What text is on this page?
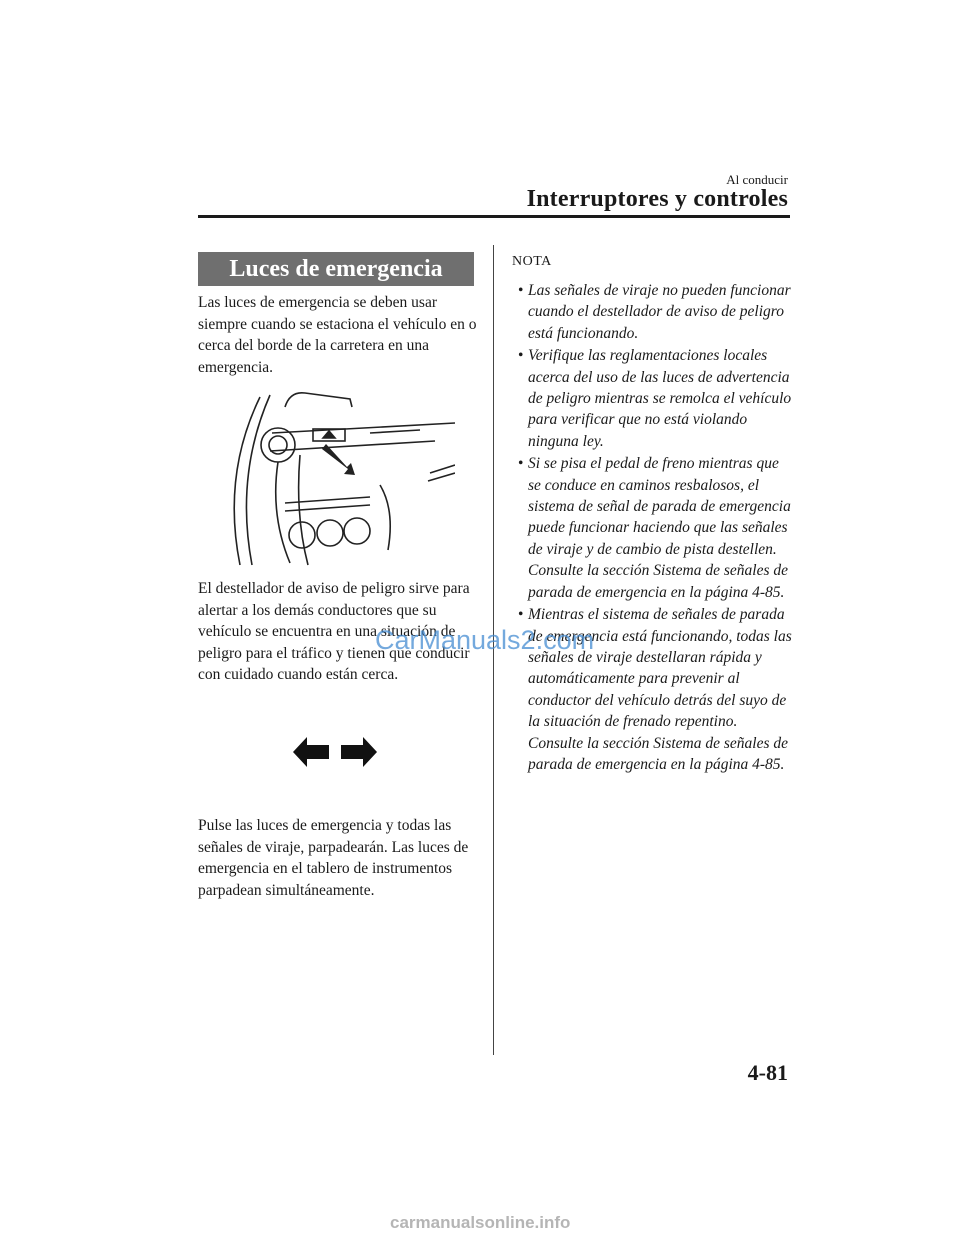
Al conducir
Interruptores y controles
Luces de emergencia

Las luces de emergencia se deben usar siempre cuando se estaciona el vehículo en o cerca del borde de la carretera en una emergencia.

El destellador de aviso de peligro sirve para alertar a los demás conductores que su vehículo se encuentra en una situación de peligro para el tráfico y tienen que conducir con cuidado cuando están cerca.

Pulse las luces de emergencia y todas las señales de viraje, parpadearán. Las luces de emergencia en el tablero de instrumentos parpadean simultáneamente.

NOTA
• Las señales de viraje no pueden funcionar cuando el destellador de aviso de peligro está funcionando.
• Verifique las reglamentaciones locales acerca del uso de las luces de advertencia de peligro mientras se remolca el vehículo para verificar que no está violando ninguna ley.
• Si se pisa el pedal de freno mientras que se conduce en caminos resbalosos, el sistema de señal de parada de emergencia puede funcionar haciendo que las señales de viraje y de cambio de pista destellen. Consulte la sección Sistema de señales de parada de emergencia en la página 4-85.
• Mientras el sistema de señales de parada de emergencia está funcionando, todas las señales de viraje destellaran rápida y automáticamente para prevenir al conductor del vehículo detrás del suyo de la situación de frenado repentino. Consulte la sección Sistema de señales de parada de emergencia en la página 4-85.
4-81
CarManuals2.com
carmanualsonline.info
